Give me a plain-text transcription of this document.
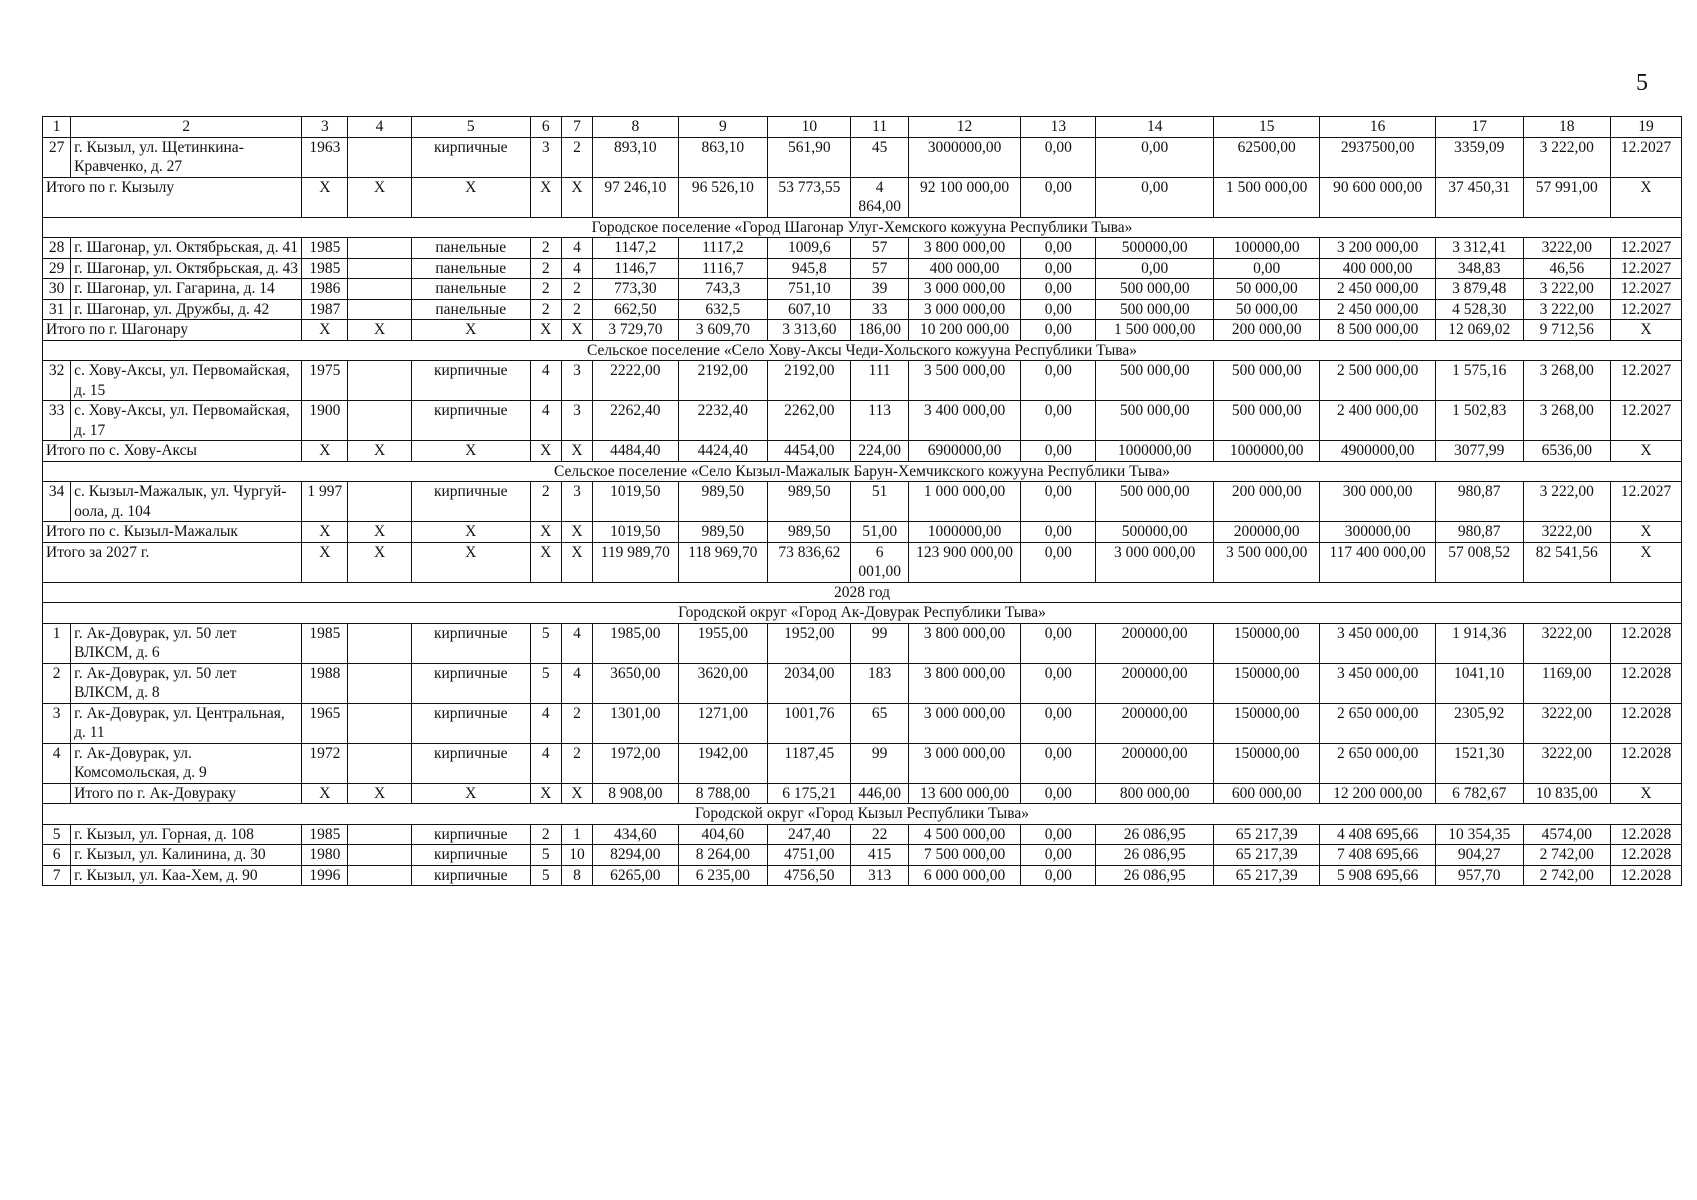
5
1	2	3	4	5	6	7	8	9	10	11	12	13	14	15	16	17	18	19
27	г. Кызыл, ул. Щетинкина-Кравченко, д. 27	1963		кирпичные	3	2	893,10	863,10	561,90	45	3000000,00	0,00	0,00	62500,00	2937500,00	3359,09	3 222,00	12.2027
Итого по г. Кызылу		X	X	X	X	X	97 246,10	96 526,10	53 773,55	4 864,00	92 100 000,00	0,00	0,00	1 500 000,00	90 600 000,00	37 450,31	57 991,00	X
Городское поселение «Город Шагонар Улуг-Хемского кожууна Республики Тыва»																		
28	г. Шагонар, ул. Октябрьская, д. 41	1985		панельные	2	4	1147,2	1117,2	1009,6	57	3 800 000,00	0,00	500000,00	100000,00	3 200 000,00	3 312,41	3222,00	12.2027
29	г. Шагонар, ул. Октябрьская, д. 43	1985		панельные	2	4	1146,7	1116,7	945,8	57	400 000,00	0,00	0,00	0,00	400 000,00	348,83	46,56	12.2027
30	г. Шагонар, ул. Гагарина, д. 14	1986		панельные	2	2	773,30	743,3	751,10	39	3 000 000,00	0,00	500 000,00	50 000,00	2 450 000,00	3 879,48	3 222,00	12.2027
31	г. Шагонар, ул. Дружбы, д. 42	1987		панельные	2	2	662,50	632,5	607,10	33	3 000 000,00	0,00	500 000,00	50 000,00	2 450 000,00	4 528,30	3 222,00	12.2027
Итого по г. Шагонару		X	X	X	X	X	3 729,70	3 609,70	3 313,60	186,00	10 200 000,00	0,00	1 500 000,00	200 000,00	8 500 000,00	12 069,02	9 712,56	X
Сельское поселение «Село Хову-Аксы Чеди-Хольского кожууна Республики Тыва»																		
32	с. Хову-Аксы, ул. Первомайская, д. 15	1975		кирпичные	4	3	2222,00	2192,00	2192,00	111	3 500 000,00	0,00	500 000,00	500 000,00	2 500 000,00	1 575,16	3 268,00	12.2027
33	с. Хову-Аксы, ул. Первомайская, д. 17	1900		кирпичные	4	3	2262,40	2232,40	2262,00	113	3 400 000,00	0,00	500 000,00	500 000,00	2 400 000,00	1 502,83	3 268,00	12.2027
Итого по с. Хову-Аксы		X	X	X	X	X	4484,40	4424,40	4454,00	224,00	6900000,00	0,00	1000000,00	1000000,00	4900000,00	3077,99	6536,00	X
Сельское поселение «Село Кызыл-Мажалык Барун-Хемчикского кожууна Республики Тыва»																		
34	с. Кызыл-Мажалык, ул. Чургуй-оола, д. 104	1 997		кирпичные	2	3	1019,50	989,50	989,50	51	1 000 000,00	0,00	500 000,00	200 000,00	300 000,00	980,87	3 222,00	12.2027
Итого по с. Кызыл-Мажалык		X	X	X	X	X	1019,50	989,50	989,50	51,00	1000000,00	0,00	500000,00	200000,00	300000,00	980,87	3222,00	X
Итого за 2027 г.		X	X	X	X	X	119 989,70	118 969,70	73 836,62	6 001,00	123 900 000,00	0,00	3 000 000,00	3 500 000,00	117 400 000,00	57 008,52	82 541,56	X
2028 год																		
Городской округ «Город Ак-Довурак Республики Тыва»																		
1	г. Ак-Довурак, ул. 50 лет ВЛКСМ, д. 6	1985		кирпичные	5	4	1985,00	1955,00	1952,00	99	3 800 000,00	0,00	200000,00	150000,00	3 450 000,00	1 914,36	3222,00	12.2028
2	г. Ак-Довурак, ул. 50 лет ВЛКСМ, д. 8	1988		кирпичные	5	4	3650,00	3620,00	2034,00	183	3 800 000,00	0,00	200000,00	150000,00	3 450 000,00	1041,10	1169,00	12.2028
3	г. Ак-Довурак, ул. Центральная, д. 11	1965		кирпичные	4	2	1301,00	1271,00	1001,76	65	3 000 000,00	0,00	200000,00	150000,00	2 650 000,00	2305,92	3222,00	12.2028
4	г. Ак-Довурак, ул. Комсомольская, д. 9	1972		кирпичные	4	2	1972,00	1942,00	1187,45	99	3 000 000,00	0,00	200000,00	150000,00	2 650 000,00	1521,30	3222,00	12.2028
	Итого по г. Ак-Довураку	X	X	X	X	X	8 908,00	8 788,00	6 175,21	446,00	13 600 000,00	0,00	800 000,00	600 000,00	12 200 000,00	6 782,67	10 835,00	X
Городской округ «Город Кызыл Республики Тыва»																		
5	г. Кызыл, ул. Горная, д. 108	1985		кирпичные	2	1	434,60	404,60	247,40	22	4 500 000,00	0,00	26 086,95	65 217,39	4 408 695,66	10 354,35	4574,00	12.2028
6	г. Кызыл, ул. Калинина, д. 30	1980		кирпичные	5	10	8294,00	8 264,00	4751,00	415	7 500 000,00	0,00	26 086,95	65 217,39	7 408 695,66	904,27	2 742,00	12.2028
7	г. Кызыл, ул. Каа-Хем, д. 90	1996		кирпичные	5	8	6265,00	6 235,00	4756,50	313	6 000 000,00	0,00	26 086,95	65 217,39	5 908 695,66	957,70	2 742,00	12.2028
